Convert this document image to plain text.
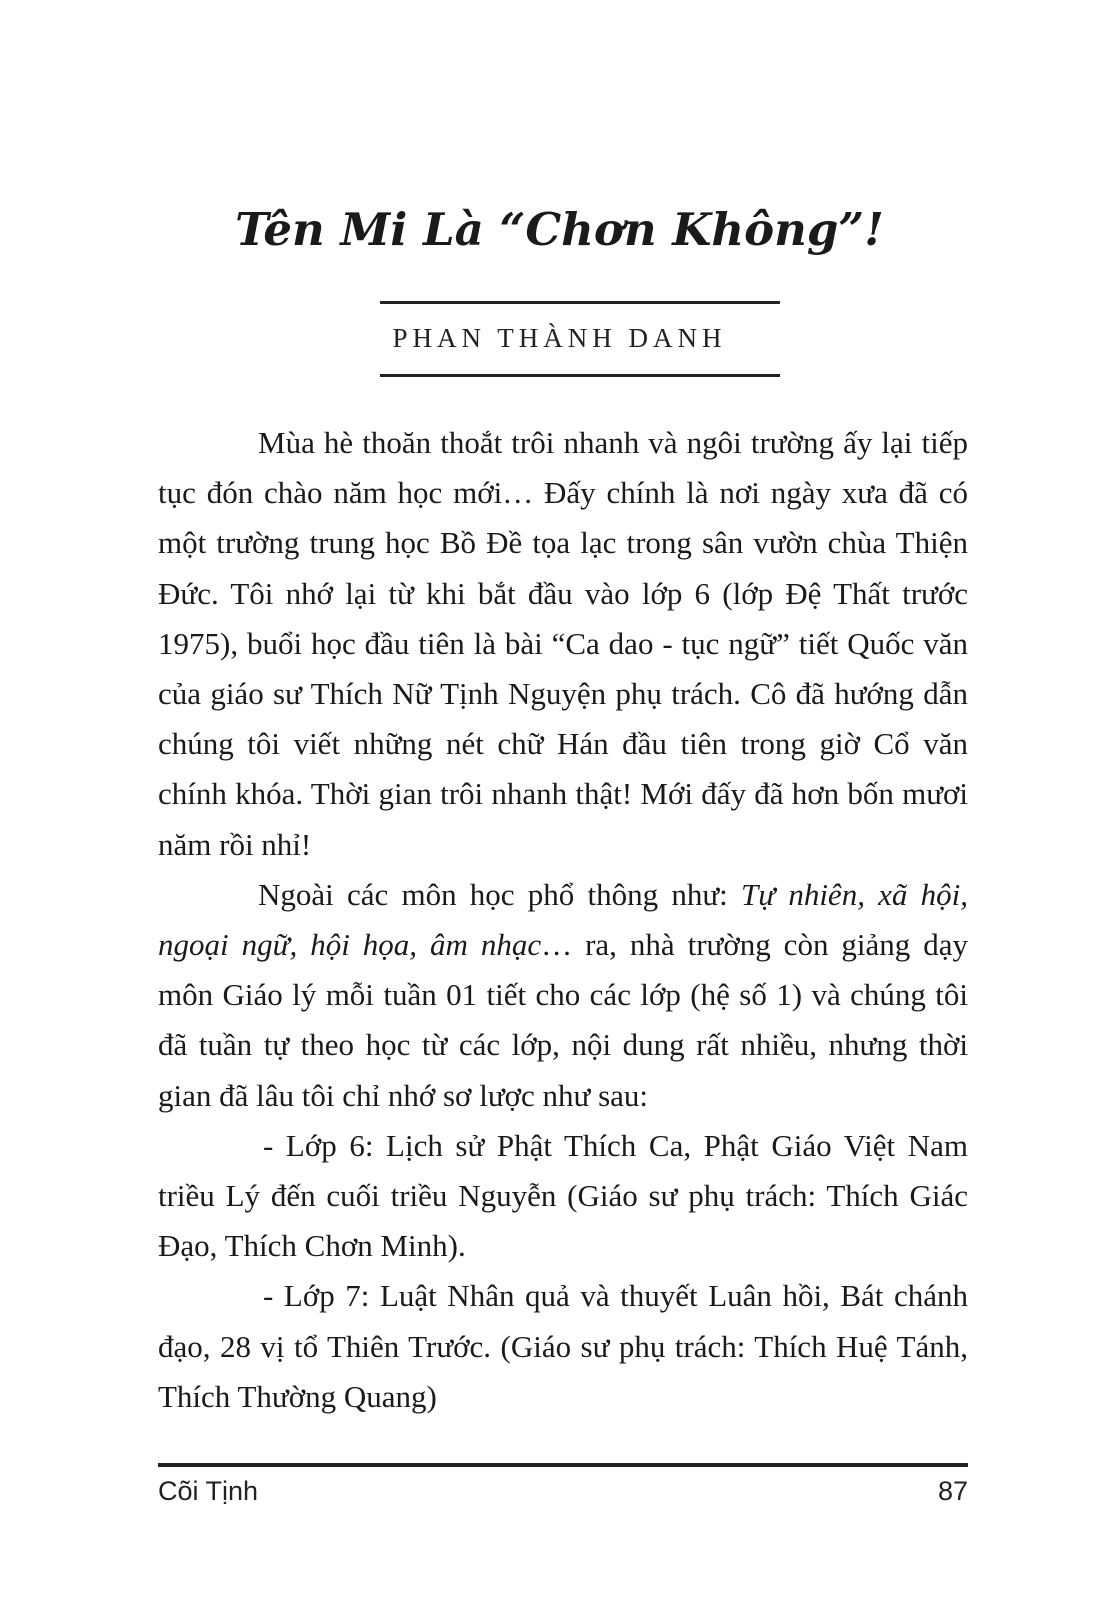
Tên Mi Là “Chơn Không”!
PHAN THÀNH DANH

Mùa hè thoăn thoắt trôi nhanh và ngôi trường ấy lại tiếp tục đón chào năm học mới… Đấy chính là nơi ngày xưa đã có một trường trung học Bồ Đề tọa lạc trong sân vườn chùa Thiện Đức. Tôi nhớ lại từ khi bắt đầu vào lớp 6 (lớp Đệ Thất trước 1975), buổi học đầu tiên là bài “Ca dao - tục ngữ” tiết Quốc văn của giáo sư Thích Nữ Tịnh Nguyện phụ trách. Cô đã hướng dẫn chúng tôi viết những nét chữ Hán đầu tiên trong giờ Cổ văn chính khóa. Thời gian trôi nhanh thật! Mới đấy đã hơn bốn mươi năm rồi nhỉ!

Ngoài các môn học phổ thông như: Tự nhiên, xã hội, ngoại ngữ, hội họa, âm nhạc… ra, nhà trường còn giảng dạy môn Giáo lý mỗi tuần 01 tiết cho các lớp (hệ số 1) và chúng tôi đã tuần tự theo học từ các lớp, nội dung rất nhiều, nhưng thời gian đã lâu tôi chỉ nhớ sơ lược như sau:

- Lớp 6: Lịch sử Phật Thích Ca, Phật Giáo Việt Nam triều Lý đến cuối triều Nguyễn (Giáo sư phụ trách: Thích Giác Đạo, Thích Chơn Minh).

- Lớp 7: Luật Nhân quả và thuyết Luân hồi, Bát chánh đạo, 28 vị tổ Thiên Trước. (Giáo sư phụ trách: Thích Huệ Tánh, Thích Thường Quang)

Cõi Tịnh	87
